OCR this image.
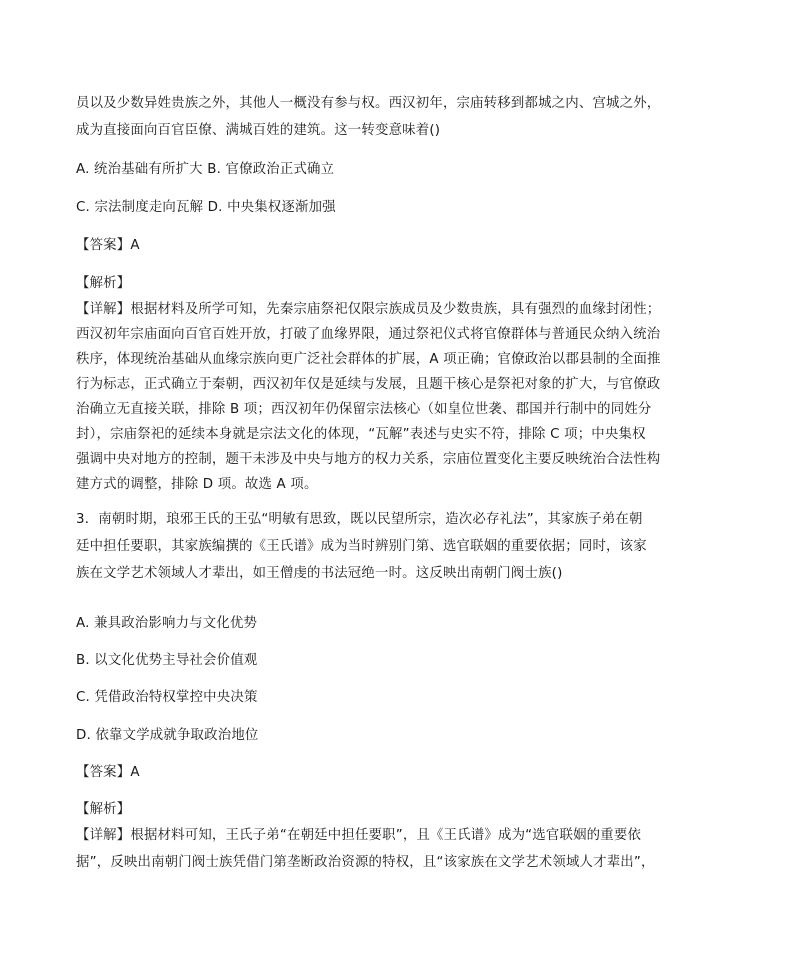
员以及少数异姓贵族之外，其他人一概没有参与权。西汉初年，宗庙转移到都城之内、宫城之外，
成为直接面向百官臣僚、满城百姓的建筑。这一转变意味着()
A. 统治基础有所扩大 B. 官僚政治正式确立
C. 宗法制度走向瓦解 D. 中央集权逐渐加强
【答案】A
【解析】
【详解】根据材料及所学可知，先秦宗庙祭祀仅限宗族成员及少数贵族，具有强烈的血缘封闭性；
西汉初年宗庙面向百官百姓开放，打破了血缘界限，通过祭祀仪式将官僚群体与普通民众纳入统治
秩序，体现统治基础从血缘宗族向更广泛社会群体的扩展，A 项正确；官僚政治以郡县制的全面推
行为标志，正式确立于秦朝，西汉初年仅是延续与发展，且题干核心是祭祀对象的扩大，与官僚政
治确立无直接关联，排除 B 项；西汉初年仍保留宗法核心（如皇位世袭、郡国并行制中的同姓分
封），宗庙祭祀的延续本身就是宗法文化的体现，“瓦解”表述与史实不符，排除 C 项；中央集权
强调中央对地方的控制，题干未涉及中央与地方的权力关系，宗庙位置变化主要反映统治合法性构
建方式的调整，排除 D 项。故选 A 项。
3．南朝时期，琅邪王氏的王弘“明敏有思致，既以民望所宗，造次必存礼法”，其家族子弟在朝
廷中担任要职，其家族编撰的《王氏谱》成为当时辨别门第、选官联姻的重要依据；同时，该家
族在文学艺术领域人才辈出，如王僧虔的书法冠绝一时。这反映出南朝门阀士族()
A. 兼具政治影响力与文化优势
B. 以文化优势主导社会价值观
C. 凭借政治特权掌控中央决策
D. 依靠文学成就争取政治地位
【答案】A
【解析】
【详解】根据材料可知，王氏子弟“在朝廷中担任要职”，且《王氏谱》成为“选官联姻的重要依
据”，反映出南朝门阀士族凭借门第垄断政治资源的特权，且“该家族在文学艺术领域人才辈出”，
